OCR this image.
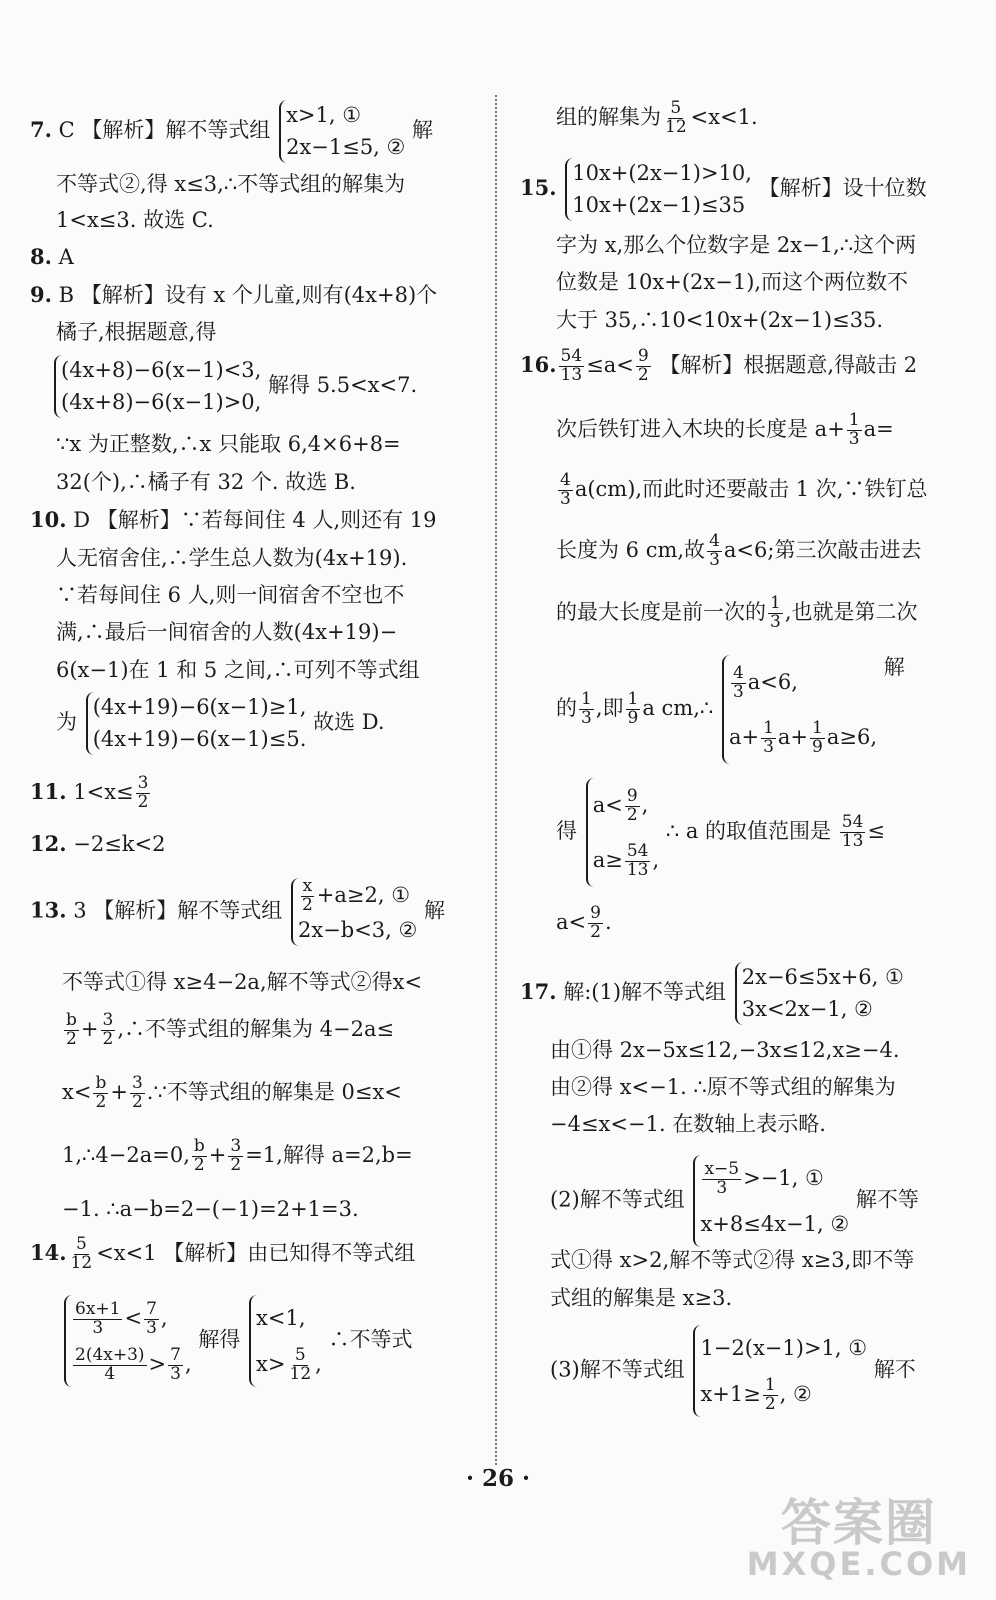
7. C 【解析】解不等式组 x>1, ①
2x−1≤5, ② 解
不等式②,得 x≤3,∴不等式组的解集为
1<x≤3. 故选 C.
8. A
9. B 【解析】设有 x 个儿童,则有(4x+8)个
橘子,根据题意,得
(4x+8)−6(x−1)<3,
(4x+8)−6(x−1)>0, 解得 5.5<x<7.
∵x 为正整数,∴x 只能取 6,4×6+8=
32(个),∴橘子有 32 个. 故选 B.
10. D 【解析】∵若每间住 4 人,则还有 19
人无宿舍住,∴学生总人数为(4x+19).
∵若每间住 6 人,则一间宿舍不空也不
满,∴最后一间宿舍的人数(4x+19)−
6(x−1)在 1 和 5 之间,∴可列不等式组
为 (4x+19)−6(x−1)≥1,
(4x+19)−6(x−1)≤5. 故选 D.
11. $1<x\le \frac{3}{2}$
12. −2≤k<2
13. 3 【解析】解不等式组 $\frac{x}{2} +a\ge 2$, ①
2x−b<3, ② 解
不等式①得 x≥4−2a,解不等式②得x<
$\frac{b}{2} + \frac{3}{2}$ ,∴不等式组的解集为 4−2a≤
$x< \frac{b}{2} + \frac{3}{2}$ .∵不等式组的解集是 0≤x<
1,∴4−2a=0, $\frac{b}{2} + \frac{3}{2} =1$,解得 a=2,b=
−1. ∴a−b=2−(−1)=2+1=3.
14. $\frac{5}{12} <x<1$ 【解析】由已知得不等式组
$\frac{6x+1}{3} < \frac{7}{3}$ ,

$\frac{2(4x+3)}{4} > \frac{7}{3}$ , 解得 x<1,
$x> \frac{5}{12}$ , ∴不等式
组的解集为 $\frac{5}{12} <x<1$.
15. 10x+(2x−1)>10,
10x+(2x−1)≤35 【解析】设十位数
字为 x,那么个位数字是 2x−1,∴这个两
位数是 10x+(2x−1),而这个两位数不
大于 35,∴10<10x+(2x−1)≤35.
16. $\frac{54}{13} \le a< \frac{9}{2}$ 【解析】根据题意,得敲击 2
次后铁钉进入木块的长度是 $a+ \frac{1}{3} a=$
$\frac{4}{3} a(cm)$,而此时还要敲击 1 次,∵铁钉总
长度为 6 cm,故 $\frac{4}{3} a<6$;第三次敲击进去
的最大长度是前一次的 $\frac{1}{3}$ ,也就是第二次
的 $\frac{1}{3}$ ,即 $\frac{1}{9}$ a cm,∴
$\frac{4}{3} a<6$,
$a+ \frac{1}{3} a+ \frac{1}{9} a\ge 6$, 解
得 $a< \frac{9}{2}$ ,
$a\ge \frac{54}{13}$ , ∴ a 的取值范围是 $\frac{54}{13}$ ≤
$a< \frac{9}{2}$ .
17. 解:(1)解不等式组 2x−6≤5x+6, ①
3x<2x−1, ②
由①得 2x−5x≤12,−3x≤12,x≥−4.
由②得 x<−1. ∴原不等式组的解集为
−4≤x<−1. 在数轴上表示略.
(2)解不等式组
$\frac{x-5}{3} >-1$, ①
x+8≤4x−1, ② 解不等
式①得 x>2,解不等式②得 x≥3,即不等
式组的解集是 x≥3.
(3)解不等式组 1−2(x−1)>1, ①
$x+1\ge \frac{1}{2}$ , ② 解不
· 26 ·
答案圈
MXQE.COM
